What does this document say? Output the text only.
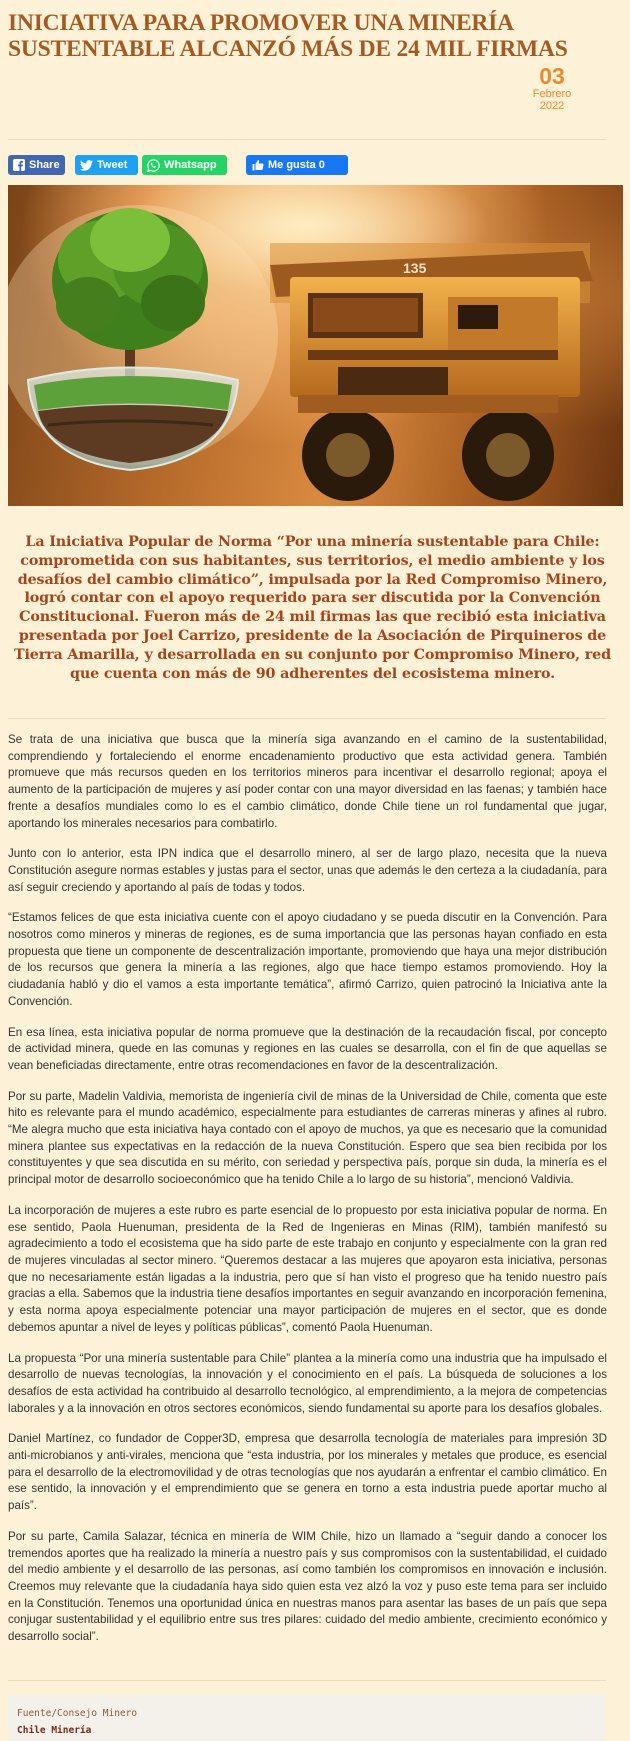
INICIATIVA PARA PROMOVER UNA MINERÍA SUSTENTABLE ALCANZÓ MÁS DE 24 MIL FIRMAS
03
Febrero
2022
Share	Tweet	Whatsapp	Me gusta 0
135
La Iniciativa Popular de Norma “Por una minería sustentable para Chile: comprometida con sus habitantes, sus territorios, el medio ambiente y los desafíos del cambio climático”, impulsada por la Red Compromiso Minero, logró contar con el apoyo requerido para ser discutida por la Convención Constitucional. Fueron más de 24 mil firmas las que recibió esta iniciativa presentada por Joel Carrizo, presidente de la Asociación de Pirquineros de Tierra Amarilla, y desarrollada en su conjunto por Compromiso Minero, red que cuenta con más de 90 adherentes del ecosistema minero.

Se trata de una iniciativa que busca que la minería siga avanzando en el camino de la sustentabilidad, comprendiendo y fortaleciendo el enorme encadenamiento productivo que esta actividad genera. También promueve que más recursos queden en los territorios mineros para incentivar el desarrollo regional; apoya el aumento de la participación de mujeres y así poder contar con una mayor diversidad en las faenas; y también hace frente a desafíos mundiales como lo es el cambio climático, donde Chile tiene un rol fundamental que jugar, aportando los minerales necesarios para combatirlo.

Junto con lo anterior, esta IPN indica que el desarrollo minero, al ser de largo plazo, necesita que la nueva Constitución asegure normas estables y justas para el sector, unas que además le den certeza a la ciudadanía, para así seguir creciendo y aportando al país de todas y todos.

“Estamos felices de que esta iniciativa cuente con el apoyo ciudadano y se pueda discutir en la Convención. Para nosotros como mineros y mineras de regiones, es de suma importancia que las personas hayan confiado en esta propuesta que tiene un componente de descentralización importante, promoviendo que haya una mejor distribución de los recursos que genera la minería a las regiones, algo que hace tiempo estamos promoviendo. Hoy la ciudadanía habló y dio el vamos a esta importante temática”, afirmó Carrizo, quien patrocinó la Iniciativa ante la Convención.

En esa línea, esta iniciativa popular de norma promueve que la destinación de la recaudación fiscal, por concepto de actividad minera, quede en las comunas y regiones en las cuales se desarrolla, con el fin de que aquellas se vean beneficiadas directamente, entre otras recomendaciones en favor de la descentralización.

Por su parte, Madelin Valdivia, memorista de ingeniería civil de minas de la Universidad de Chile, comenta que este hito es relevante para el mundo académico, especialmente para estudiantes de carreras mineras y afines al rubro. “Me alegra mucho que esta iniciativa haya contado con el apoyo de muchos, ya que es necesario que la comunidad minera plantee sus expectativas en la redacción de la nueva Constitución. Espero que sea bien recibida por los constituyentes y que sea discutida en su mérito, con seriedad y perspectiva país, porque sin duda, la minería es el principal motor de desarrollo socioeconómico que ha tenido Chile a lo largo de su historia”, mencionó Valdivia.

La incorporación de mujeres a este rubro es parte esencial de lo propuesto por esta iniciativa popular de norma. En ese sentido, Paola Huenuman, presidenta de la Red de Ingenieras en Minas (RIM), también manifestó su agradecimiento a todo el ecosistema que ha sido parte de este trabajo en conjunto y especialmente con la gran red de mujeres vinculadas al sector minero. “Queremos destacar a las mujeres que apoyaron esta iniciativa, personas que no necesariamente están ligadas a la industria, pero que sí han visto el progreso que ha tenido nuestro país gracias a ella. Sabemos que la industria tiene desafíos importantes en seguir avanzando en incorporación femenina, y esta norma apoya especialmente potenciar una mayor participación de mujeres en el sector, que es donde debemos apuntar a nivel de leyes y políticas públicas”, comentó Paola Huenuman.

La propuesta “Por una minería sustentable para Chile” plantea a la minería como una industria que ha impulsado el desarrollo de nuevas tecnologías, la innovación y el conocimiento en el país. La búsqueda de soluciones a los desafíos de esta actividad ha contribuido al desarrollo tecnológico, al emprendimiento, a la mejora de competencias laborales y a la innovación en otros sectores económicos, siendo fundamental su aporte para los desafíos globales.

Daniel Martínez, co fundador de Copper3D, empresa que desarrolla tecnología de materiales para impresión 3D anti-microbianos y anti-virales, menciona que “esta industria, por los minerales y metales que produce, es esencial para el desarrollo de la electromovilidad y de otras tecnologías que nos ayudarán a enfrentar el cambio climático. En ese sentido, la innovación y el emprendimiento que se genera en torno a esta industria puede aportar mucho al país”.

Por su parte, Camila Salazar, técnica en minería de WIM Chile, hizo un llamado a “seguir dando a conocer los tremendos aportes que ha realizado la minería a nuestro país y sus compromisos con la sustentabilidad, el cuidado del medio ambiente y el desarrollo de las personas, así como también los compromisos en innovación e inclusión. Creemos muy relevante que la ciudadanía haya sido quien esta vez alzó la voz y puso este tema para ser incluido en la Constitución. Tenemos una oportunidad única en nuestras manos para asentar las bases de un país que sepa conjugar sustentabilidad y el equilibrio entre sus tres pilares: cuidado del medio ambiente, crecimiento económico y desarrollo social”.

Fuente/Consejo Minero
Chile Minería
